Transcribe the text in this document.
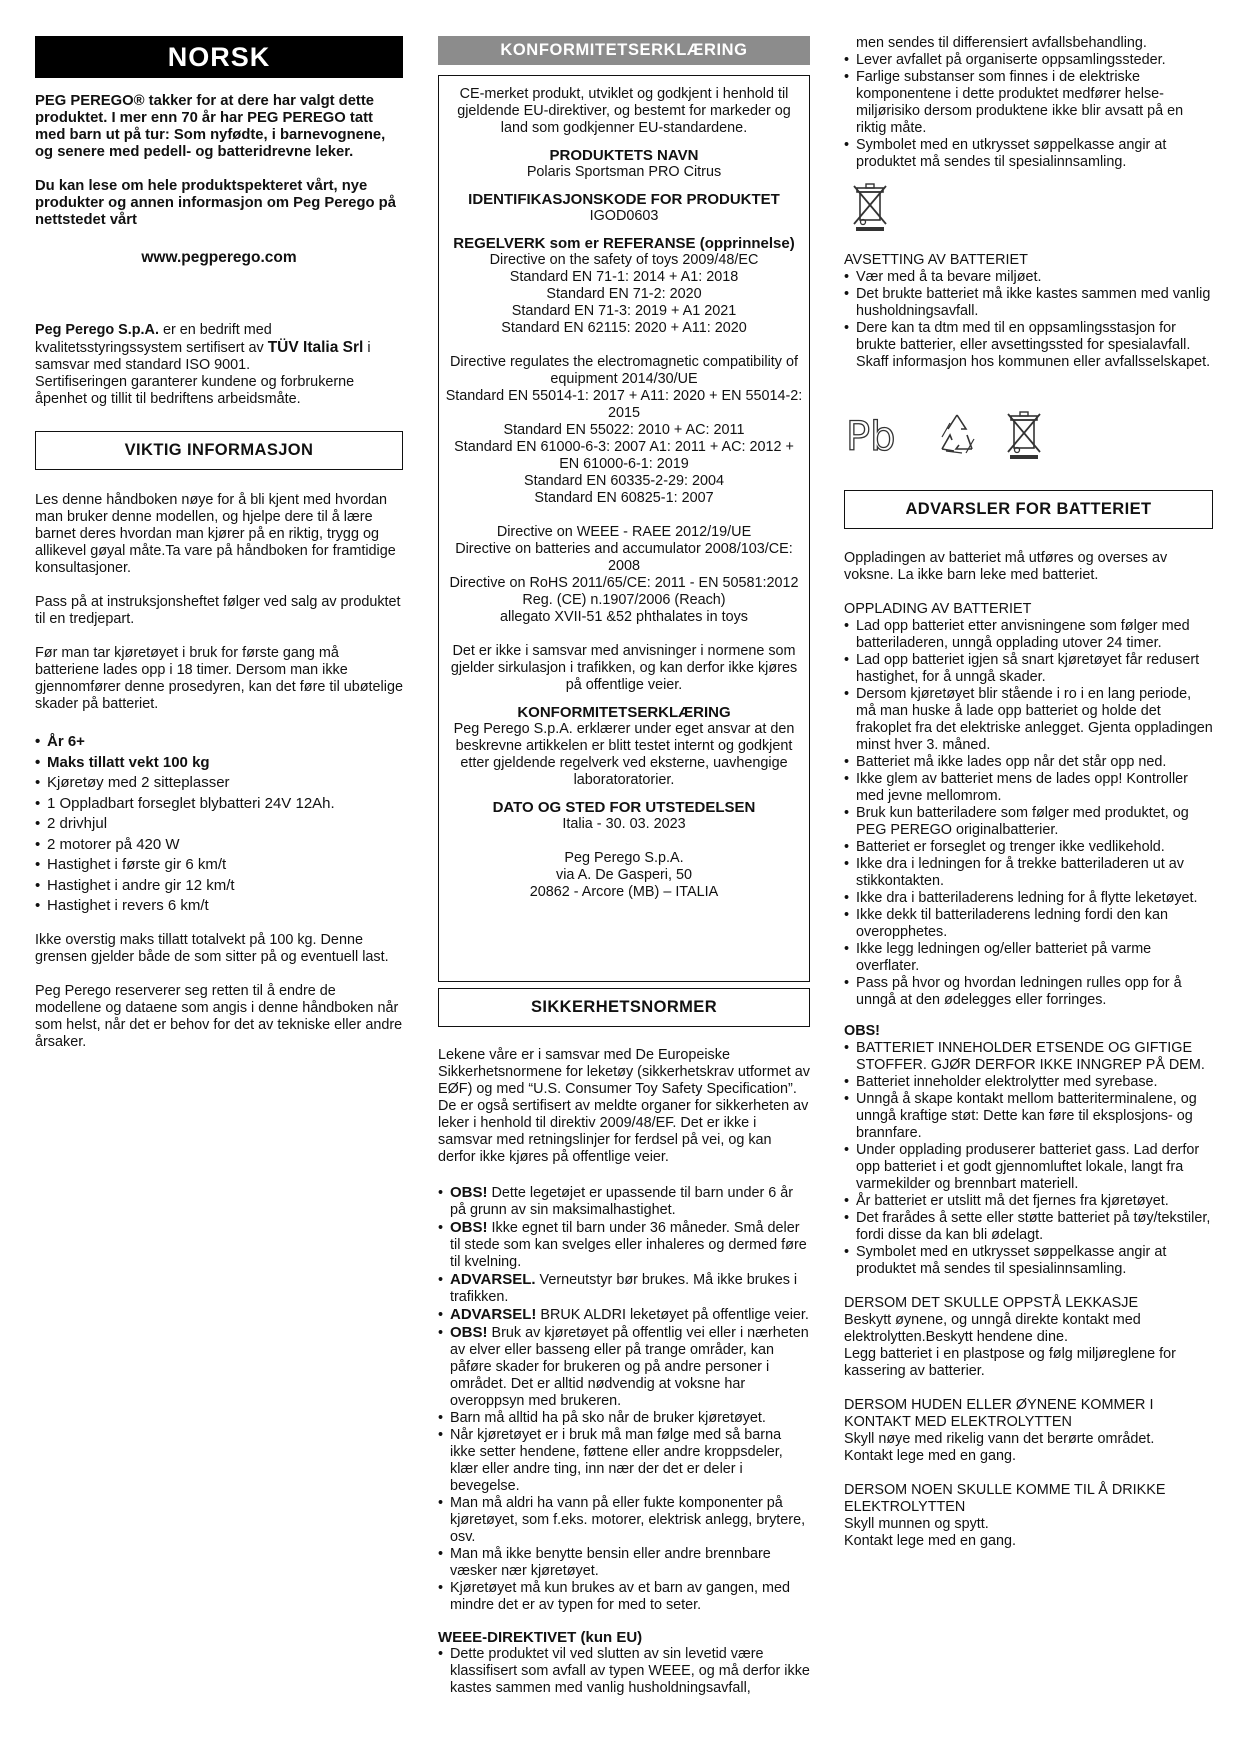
NORSK

PEG PEREGO® takker for at dere har valgt dette produktet. I mer enn 70 år har PEG PEREGO tatt med barn ut på tur: Som nyfødte, i barnevognene, og senere med pedell- og batteridrevne leker.

Du kan lese om hele produktspekteret vårt, nye produkter og annen informasjon om Peg Perego på nettstedet vårt

www.pegperego.com

Peg Perego S.p.A. er en bedrift med kvalitetsstyringssystem sertifisert av TÜV Italia Srl i samsvar med standard ISO 9001.

Sertifiseringen garanterer kundene og forbrukerne åpenhet og tillit til bedriftens arbeidsmåte.

VIKTIG INFORMASJON

Les denne håndboken nøye for å bli kjent med hvordan man bruker denne modellen, og hjelpe dere til å lære barnet deres hvordan man kjører på en riktig, trygg og allikevel gøyal måte.Ta vare på håndboken for framtidige konsultasjoner.

Pass på at instruksjonsheftet følger ved salg av produktet til en tredjepart.

Før man tar kjøretøyet i bruk for første gang må batteriene lades opp i 18 timer. Dersom man ikke gjennomfører denne prosedyren, kan det føre til ubøtelige skader på batteriet.

• År 6+
• Maks tillatt vekt 100 kg
• Kjøretøy med 2 sitteplasser
• 1 Oppladbart forseglet blybatteri 24V 12Ah.
• 2 drivhjul
• 2 motorer på 420 W
• Hastighet i første gir 6 km/t
• Hastighet i andre gir 12 km/t
• Hastighet i revers 6 km/t

Ikke overstig maks tillatt totalvekt på 100 kg. Denne grensen gjelder både de som sitter på og eventuell last.

Peg Perego reserverer seg retten til å endre de modellene og dataene som angis i denne håndboken når som helst, når det er behov for det av tekniske eller andre årsaker.

KONFORMITETSERKLÆRING

CE-merket produkt, utviklet og godkjent i henhold til gjeldende EU-direktiver, og bestemt for markeder og land som godkjenner EU-standardene.

PRODUKTETS NAVN

Polaris Sportsman PRO Citrus

IDENTIFIKASJONSKODE FOR PRODUKTET

IGOD0603

REGELVERK som er REFERANSE (opprinnelse)

Directive on the safety of toys 2009/48/EC

Standard EN 71-1: 2014 + A1: 2018

Standard EN 71-2: 2020

Standard EN 71-3: 2019 + A1 2021

Standard EN 62115: 2020 + A11: 2020

Directive regulates the electromagnetic compatibility of equipment 2014/30/UE

Standard EN 55014-1: 2017 + A11: 2020 + EN 55014-2: 2015

Standard EN 55022: 2010 + AC: 2011

Standard EN 61000-6-3: 2007 A1: 2011 + AC: 2012 + EN 61000-6-1: 2019

Standard EN 60335-2-29: 2004

Standard EN 60825-1: 2007

Directive on WEEE - RAEE 2012/19/UE

Directive on batteries and accumulator 2008/103/CE: 2008

Directive on RoHS 2011/65/CE: 2011 - EN 50581:2012

Reg. (CE) n.1907/2006 (Reach)

allegato XVII-51 &52 phthalates in toys

Det er ikke i samsvar med anvisninger i normene som gjelder sirkulasjon i trafikken, og kan derfor ikke kjøres på offentlige veier.

KONFORMITETSERKLÆRING

Peg Perego S.p.A. erklærer under eget ansvar at den beskrevne artikkelen er blitt testet internt og godkjent etter gjeldende regelverk ved eksterne, uavhengige laboratoratorier.

DATO OG STED FOR UTSTEDELSEN

Italia - 30. 03. 2023

Peg Perego S.p.A.

via A. De Gasperi, 50

20862 - Arcore (MB) – ITALIA

SIKKERHETSNORMER

Lekene våre er i samsvar med De Europeiske Sikkerhetsnormene for leketøy (sikkerhetskrav utformet av EØF) og med “U.S. Consumer Toy Safety Specification”. De er også sertifisert av meldte organer for sikkerheten av leker i henhold til direktiv 2009/48/EF. Det er ikke i samsvar med retningslinjer for ferdsel på vei, og kan derfor ikke kjøres på offentlige veier.

• OBS! Dette legetøjet er upassende til barn under 6 år på grunn av sin maksimalhastighet.
• OBS! Ikke egnet til barn under 36 måneder. Små deler til stede som kan svelges eller inhaleres og dermed føre til kvelning.
• ADVARSEL. Verneutstyr bør brukes. Må ikke brukes i trafikken.
• ADVARSEL! BRUK ALDRI leketøyet på offentlige veier.
• OBS! Bruk av kjøretøyet på offentlig vei eller i nærheten av elver eller basseng eller på trange områder, kan påføre skader for brukeren og på andre personer i området. Det er alltid nødvendig at voksne har overoppsyn med brukeren.
• Barn må alltid ha på sko når de bruker kjøretøyet.
• Når kjøretøyet er i bruk må man følge med så barna ikke setter hendene, føttene eller andre kroppsdeler, klær eller andre ting, inn nær der det er deler i bevegelse.
• Man må aldri ha vann på eller fukte komponenter på kjøretøyet, som f.eks. motorer, elektrisk anlegg, brytere, osv.
• Man må ikke benytte bensin eller andre brennbare væsker nær kjøretøyet.
• Kjøretøyet må kun brukes av et barn av gangen, med mindre det er av typen for med to seter.

WEEE-DIREKTIVET (kun EU)

• Dette produktet vil ved slutten av sin levetid være klassifisert som avfall av typen WEEE, og må derfor ikke kastes sammen med vanlig husholdningsavfall,

men sendes til differensiert avfallsbehandling.

• Lever avfallet på organiserte oppsamlingssteder.
• Farlige substanser som finnes i de elektriske komponentene i dette produktet medfører helse-miljørisiko dersom produktene ikke blir avsatt på en riktig måte.
• Symbolet med en utkrysset søppelkasse angir at produktet må sendes til spesialinnsamling.

AVSETTING AV BATTERIET

• Vær med å ta bevare miljøet.
• Det brukte batteriet må ikke kastes sammen med vanlig husholdningsavfall.
• Dere kan ta dtm med til en oppsamlingsstasjon for brukte batterier, eller avsettingssted for spesialavfall. Skaff informasjon hos kommunen eller avfallsselskapet.
Pb
ADVARSLER FOR BATTERIET

Oppladingen av batteriet må utføres og overses av voksne. La ikke barn leke med batteriet.

OPPLADING AV BATTERIET

• Lad opp batteriet etter anvisningene som følger med batteriladeren, unngå opplading utover 24 timer.
• Lad opp batteriet igjen så snart kjøretøyet får redusert hastighet, for å unngå skader.
• Dersom kjøretøyet blir stående i ro i en lang periode, må man huske å lade opp batteriet og holde det frakoplet fra det elektriske anlegget. Gjenta oppladingen minst hver 3. måned.
• Batteriet må ikke lades opp når det står opp ned.
• Ikke glem av batteriet mens de lades opp! Kontroller med jevne mellomrom.
• Bruk kun batteriladere som følger med produktet, og PEG PEREGO originalbatterier.
• Batteriet er forseglet og trenger ikke vedlikehold.
• Ikke dra i ledningen for å trekke batteriladeren ut av stikkontakten.
• Ikke dra i batteriladerens ledning for å flytte leketøyet.
• Ikke dekk til batteriladerens ledning fordi den kan overopphetes.
• Ikke legg ledningen og/eller batteriet på varme overflater.
• Pass på hvor og hvordan ledningen rulles opp for å unngå at den ødelegges eller forringes.

OBS!

• BATTERIET INNEHOLDER ETSENDE OG GIFTIGE STOFFER. GJØR DERFOR IKKE INNGREP PÅ DEM.
• Batteriet inneholder elektrolytter med syrebase.
• Unngå å skape kontakt mellom batteriterminalene, og unngå kraftige støt: Dette kan føre til eksplosjons- og brannfare.
• Under opplading produserer batteriet gass. Lad derfor opp batteriet i et godt gjennomluftet lokale, langt fra varmekilder og brennbart materiell.
• År batteriet er utslitt må det fjernes fra kjøretøyet.
• Det frarådes å sette eller støtte batteriet på tøy/tekstiler, fordi disse da kan bli ødelagt.
• Symbolet med en utkrysset søppelkasse angir at produktet må sendes til spesialinnsamling.

DERSOM DET SKULLE OPPSTÅ LEKKASJE

Beskytt øynene, og unngå direkte kontakt med elektrolytten.Beskytt hendene dine.

Legg batteriet i en plastpose og følg miljøreglene for kassering av batterier.

DERSOM HUDEN ELLER ØYNENE KOMMER I KONTAKT MED ELEKTROLYTTEN

Skyll nøye med rikelig vann det berørte området.

Kontakt lege med en gang.

DERSOM NOEN SKULLE KOMME TIL Å DRIKKE ELEKTROLYTTEN

Skyll munnen og spytt.

Kontakt lege med en gang.
